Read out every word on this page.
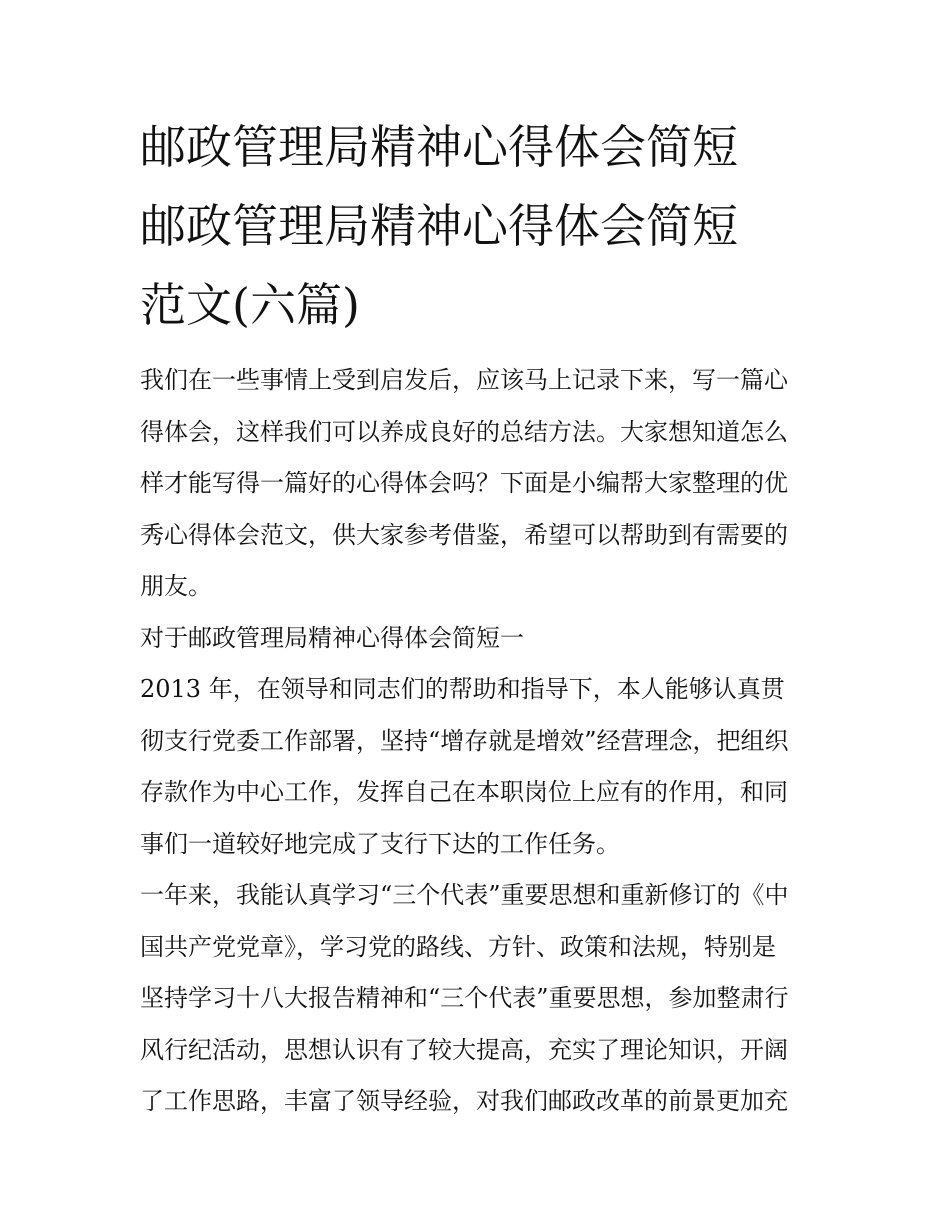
邮政管理局精神心得体会简短
邮政管理局精神心得体会简短
范文(六篇)

我们在一些事情上受到启发后，应该马上记录下来，写一篇心
得体会，这样我们可以养成良好的总结方法。大家想知道怎么
样才能写得一篇好的心得体会吗？下面是小编帮大家整理的优
秀心得体会范文，供大家参考借鉴，希望可以帮助到有需要的
朋友。

对于邮政管理局精神心得体会简短一

2013 年，在领导和同志们的帮助和指导下，本人能够认真贯
彻支行党委工作部署，坚持“增存就是增效”经营理念，把组织
存款作为中心工作，发挥自己在本职岗位上应有的作用，和同
事们一道较好地完成了支行下达的工作任务。

一年来，我能认真学习“三个代表”重要思想和重新修订的《中
国共产党党章》，学习党的路线、方针、政策和法规，特别是
坚持学习十八大报告精神和“三个代表”重要思想，参加整肃行
风行纪活动，思想认识有了较大提高，充实了理论知识，开阔
了工作思路，丰富了领导经验，对我们邮政改革的前景更加充
